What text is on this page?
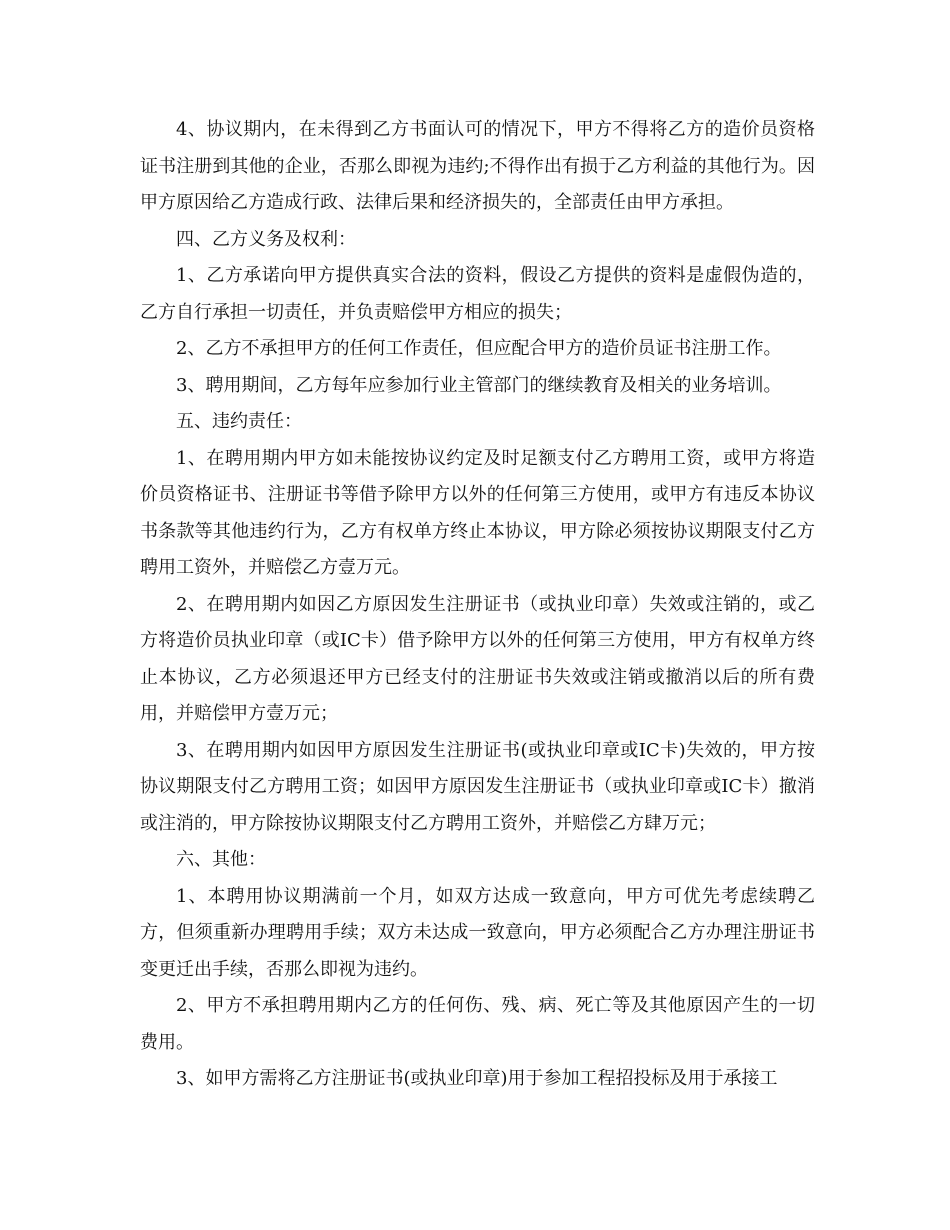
4、协议期内，在未得到乙方书面认可的情况下，甲方不得将乙方的造价员资格证书注册到其他的企业，否那么即视为违约;不得作出有损于乙方利益的其他行为。因甲方原因给乙方造成行政、法律后果和经济损失的，全部责任由甲方承担。

四、乙方义务及权利：

1、乙方承诺向甲方提供真实合法的资料，假设乙方提供的资料是虚假伪造的，乙方自行承担一切责任，并负责赔偿甲方相应的损失；

2、乙方不承担甲方的任何工作责任，但应配合甲方的造价员证书注册工作。

3、聘用期间，乙方每年应参加行业主管部门的继续教育及相关的业务培训。

五、违约责任：

1、在聘用期内甲方如未能按协议约定及时足额支付乙方聘用工资，或甲方将造价员资格证书、注册证书等借予除甲方以外的任何第三方使用，或甲方有违反本协议书条款等其他违约行为，乙方有权单方终止本协议，甲方除必须按协议期限支付乙方聘用工资外，并赔偿乙方壹万元。

2、在聘用期内如因乙方原因发生注册证书（或执业印章）失效或注销的，或乙方将造价员执业印章（或IC卡）借予除甲方以外的任何第三方使用，甲方有权单方终止本协议，乙方必须退还甲方已经支付的注册证书失效或注销或撤消以后的所有费用，并赔偿甲方壹万元；

3、在聘用期内如因甲方原因发生注册证书(或执业印章或IC卡)失效的，甲方按协议期限支付乙方聘用工资；如因甲方原因发生注册证书（或执业印章或IC卡）撤消或注消的，甲方除按协议期限支付乙方聘用工资外，并赔偿乙方肆万元；

六、其他：

1、本聘用协议期满前一个月，如双方达成一致意向，甲方可优先考虑续聘乙方，但须重新办理聘用手续；双方未达成一致意向，甲方必须配合乙方办理注册证书变更迁出手续，否那么即视为违约。

2、甲方不承担聘用期内乙方的任何伤、残、病、死亡等及其他原因产生的一切费用。

3、如甲方需将乙方注册证书(或执业印章)用于参加工程招投标及用于承接工
